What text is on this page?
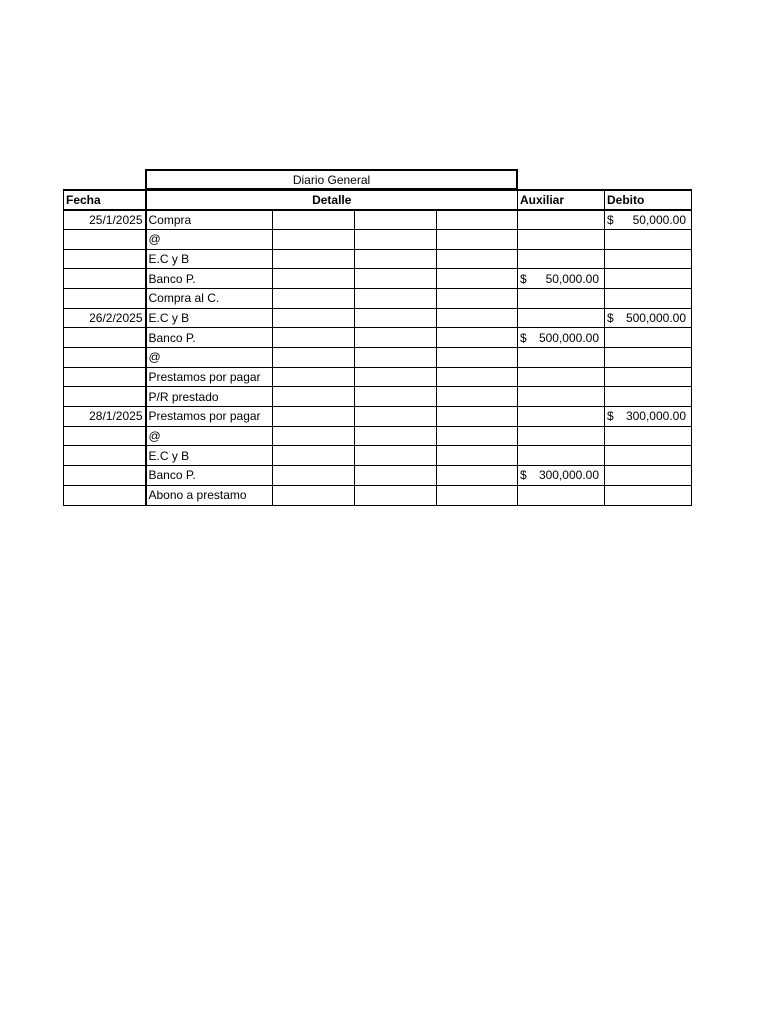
Diario General
Fecha	Detalle				Auxiliar	Debito
25/1/2025	Compra					$ 50,000.00

	@				

	E.C y B				

	Banco P.				$ 50,000.00	

	Compra al C.				

26/2/2025	E.C y B					$ 500,000.00

	Banco P.				$ 500,000.00	

	@				

	Prestamos por pagar				

	P/R prestado				

28/1/2025	Prestamos por pagar					$ 300,000.00

	@				

	E.C y B				

	Banco P.				$ 300,000.00	

	Abono a prestamo				
